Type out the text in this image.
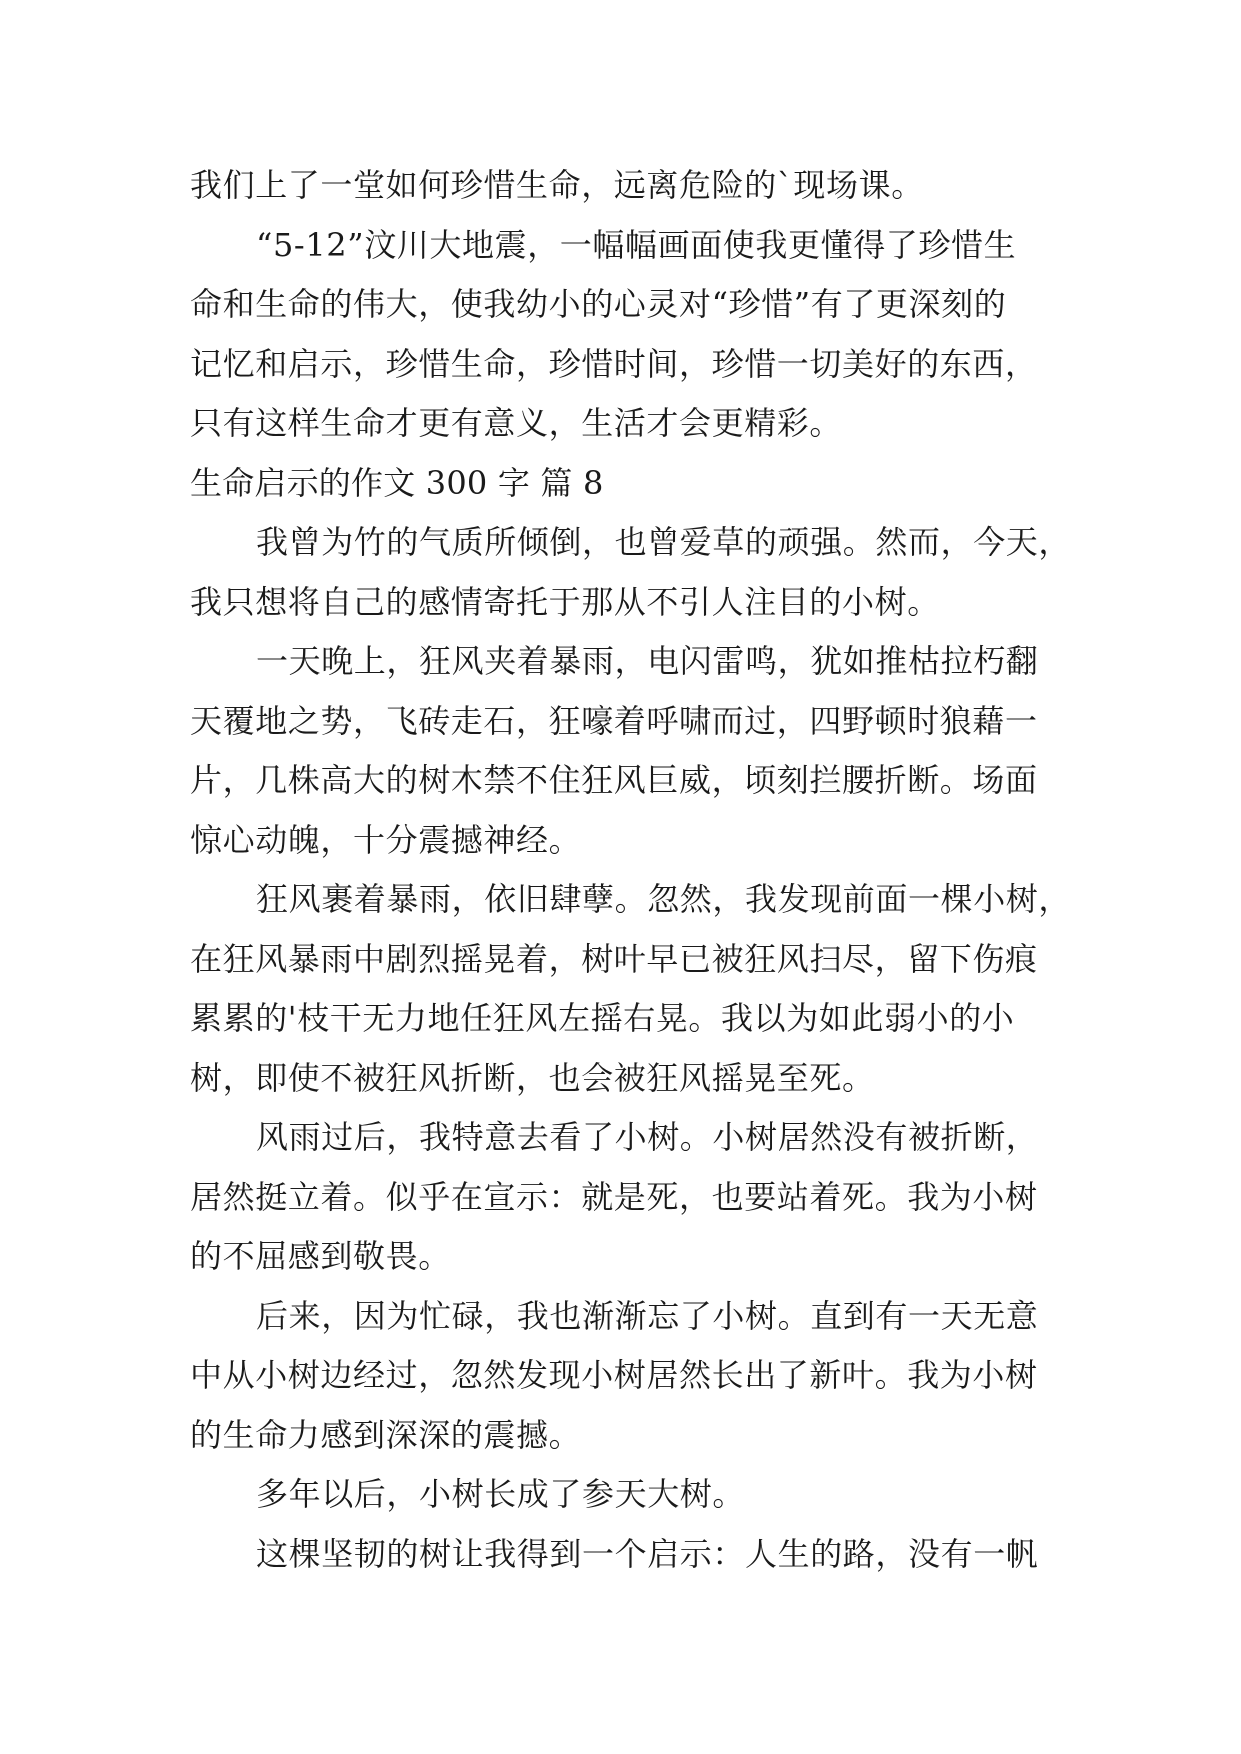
我们上了一堂如何珍惜生命，远离危险的`现场课。
“5-12”汶川大地震，一幅幅画面使我更懂得了珍惜生
命和生命的伟大，使我幼小的心灵对“珍惜”有了更深刻的
记忆和启示，珍惜生命，珍惜时间，珍惜一切美好的东西，
只有这样生命才更有意义，生活才会更精彩。
生命启示的作文 300 字 篇 8
我曾为竹的气质所倾倒，也曾爱草的顽强。然而，今天，
我只想将自己的感情寄托于那从不引人注目的小树。
一天晚上，狂风夹着暴雨，电闪雷鸣，犹如推枯拉朽翻
天覆地之势，飞砖走石，狂嚎着呼啸而过，四野顿时狼藉一
片，几株高大的树木禁不住狂风巨威，顷刻拦腰折断。场面
惊心动魄，十分震撼神经。
狂风裹着暴雨，依旧肆孽。忽然，我发现前面一棵小树，
在狂风暴雨中剧烈摇晃着，树叶早已被狂风扫尽，留下伤痕
累累的'枝干无力地任狂风左摇右晃。我以为如此弱小的小
树，即使不被狂风折断，也会被狂风摇晃至死。
风雨过后，我特意去看了小树。小树居然没有被折断，
居然挺立着。似乎在宣示：就是死，也要站着死。我为小树
的不屈感到敬畏。
后来，因为忙碌，我也渐渐忘了小树。直到有一天无意
中从小树边经过，忽然发现小树居然长出了新叶。我为小树
的生命力感到深深的震撼。
多年以后，小树长成了参天大树。
这棵坚韧的树让我得到一个启示：人生的路，没有一帆
